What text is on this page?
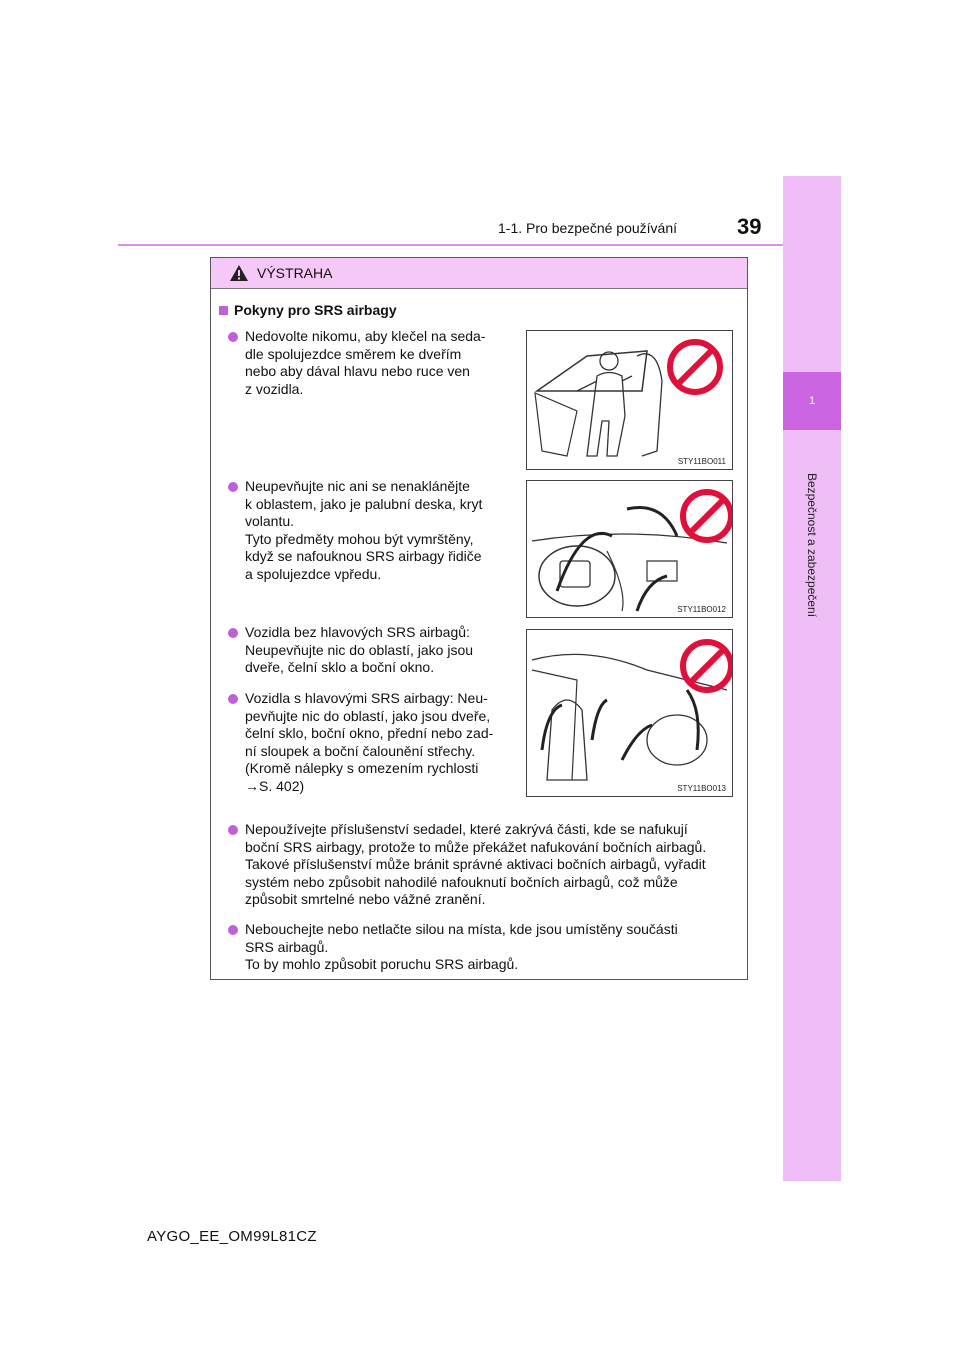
39
1-1. Pro bezpečné používání
1
Bezpečnost a zabezpečení
VÝSTRAHA
Pokyny pro SRS airbagy
Nedovolte nikomu, aby klečel na seda-
dle spolujezdce směrem ke dveřím
nebo aby dával hlavu nebo ruce ven
z vozidla.
Neupevňujte nic ani se nenaklánějte
k oblastem, jako je palubní deska, kryt
volantu.
Tyto předměty mohou být vymrštěny,
když se nafouknou SRS airbagy řidiče
a spolujezdce vpředu.
Vozidla bez hlavových SRS airbagů:
Neupevňujte nic do oblastí, jako jsou
dveře, čelní sklo a boční okno.
Vozidla s hlavovými SRS airbagy: Neu-
pevňujte nic do oblastí, jako jsou dveře,
čelní sklo, boční okno, přední nebo zad-
ní sloupek a boční čalounění střechy.
(Kromě nálepky s omezením rychlosti
→S. 402)
Nepoužívejte příslušenství sedadel, které zakrývá části, kde se nafukují
boční SRS airbagy, protože to může překážet nafukování bočních airbagů.
Takové příslušenství může bránit správné aktivaci bočních airbagů, vyřadit
systém nebo způsobit nahodilé nafouknutí bočních airbagů, což může
způsobit smrtelné nebo vážné zranění.
Nebouchejte nebo netlačte silou na místa, kde jsou umístěny součásti
SRS airbagů.
To by mohlo způsobit poruchu SRS airbagů.
STY11BO011
STY11BO012
STY11BO013
AYGO_EE_OM99L81CZ
